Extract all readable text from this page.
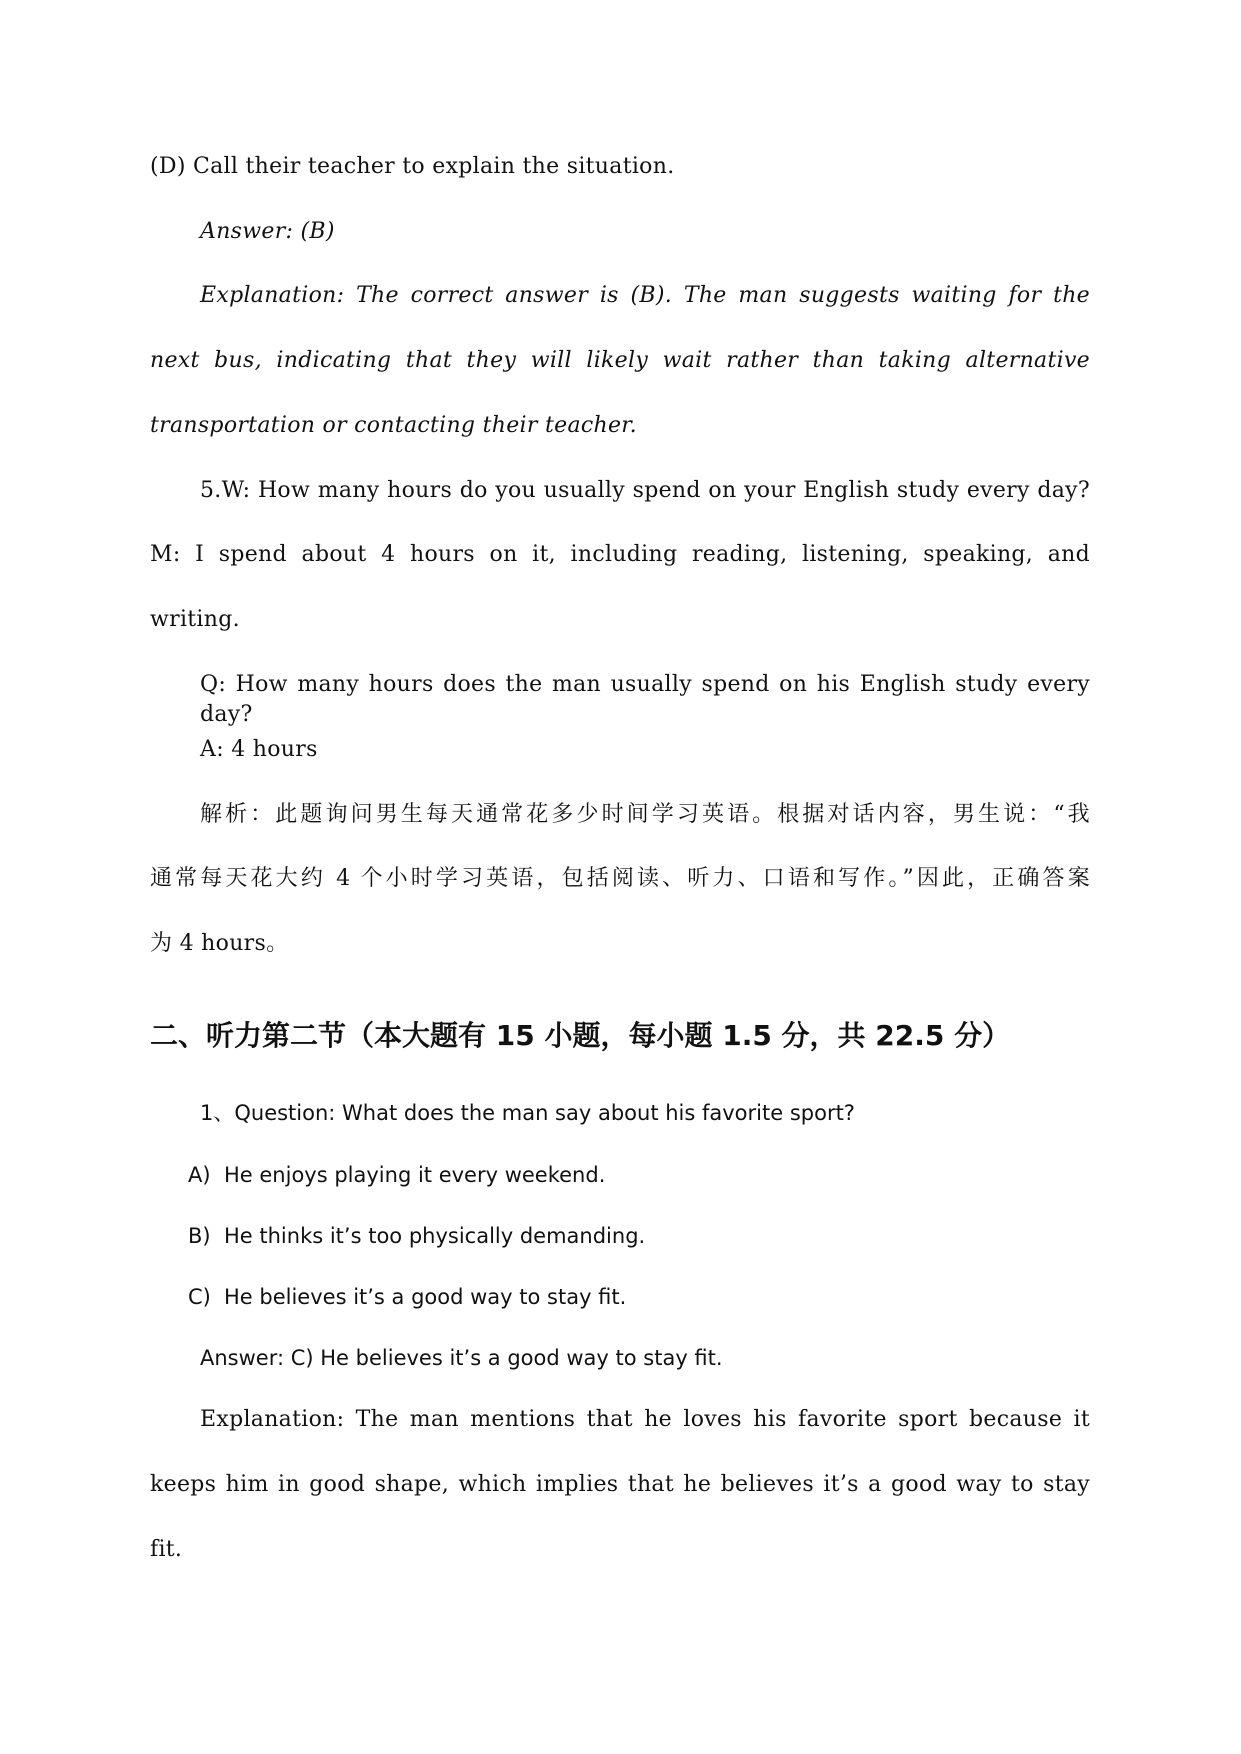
(D) Call their teacher to explain the situation.
Answer: (B)
Explanation: The correct answer is (B). The man suggests waiting for the
next bus, indicating that they will likely wait rather than taking alternative
transportation or contacting their teacher.
5.W: How many hours do you usually spend on your English study every day?
M: I spend about 4 hours on it, including reading, listening, speaking, and
writing.
Q: How many hours does the man usually spend on his English study every day?
A: 4 hours
解析：此题询问男生每天通常花多少时间学习英语。根据对话内容，男生说：“我
通常每天花大约 4 个小时学习英语，包括阅读、听力、口语和写作。”因此，正确答案
为 4 hours。
二、听力第二节（本大题有 15 小题，每小题 1.5 分，共 22.5 分）
1、Question: What does the man say about his favorite sport?
A) He enjoys playing it every weekend.
B) He thinks it’s too physically demanding.
C) He believes it’s a good way to stay fit.
Answer: C) He believes it’s a good way to stay fit.
Explanation: The man mentions that he loves his favorite sport because it
keeps him in good shape, which implies that he believes it’s a good way to stay
fit.
